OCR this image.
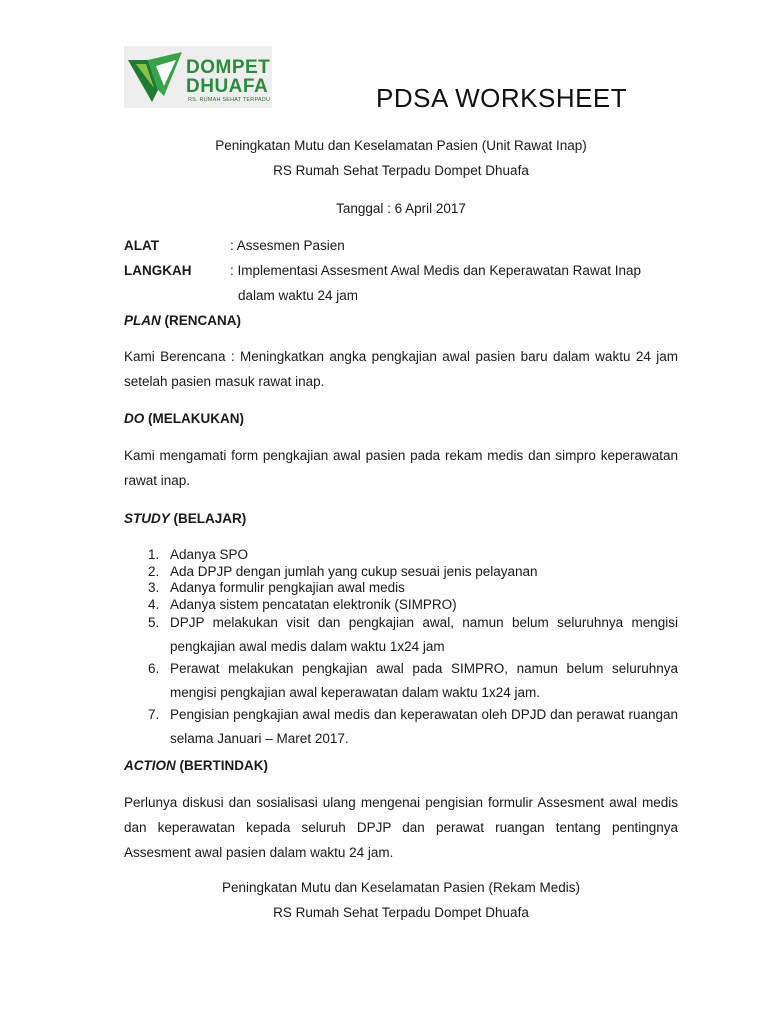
DOMPET
DHUAFA
RS. RUMAH SEHAT TERPADU	PDSA WORKSHEET
Peningkatan Mutu dan Keselamatan Pasien (Unit Rawat Inap)
RS Rumah Sehat Terpadu Dompet Dhuafa
Tanggal : 6 April 2017
ALAT	: Assesmen Pasien
LANGKAH	: Implementasi Assesment Awal Medis dan Keperawatan Rawat Inap
dalam waktu 24 jam
PLAN (RENCANA)
Kami Berencana : Meningkatkan angka pengkajian awal pasien baru dalam waktu 24 jam setelah pasien masuk rawat inap.
DO (MELAKUKAN)
Kami mengamati form pengkajian awal pasien pada rekam medis dan simpro keperawatan rawat inap.
STUDY (BELAJAR)
1. Adanya SPO
2. Ada DPJP dengan jumlah yang cukup sesuai jenis pelayanan
3. Adanya formulir pengkajian awal medis
4. Adanya sistem pencatatan elektronik (SIMPRO)
5. DPJP melakukan visit dan pengkajian awal, namun belum seluruhnya mengisi pengkajian awal medis dalam waktu 1x24 jam
6. Perawat melakukan pengkajian awal pada SIMPRO, namun belum seluruhnya mengisi pengkajian awal keperawatan dalam waktu 1x24 jam.
7. Pengisian pengkajian awal medis dan keperawatan oleh DPJD dan perawat ruangan selama Januari – Maret 2017.
ACTION (BERTINDAK)
Perlunya diskusi dan sosialisasi ulang mengenai pengisian formulir Assesment awal medis dan keperawatan kepada seluruh DPJP dan perawat ruangan tentang pentingnya Assesment awal pasien dalam waktu 24 jam.
Peningkatan Mutu dan Keselamatan Pasien (Rekam Medis)
RS Rumah Sehat Terpadu Dompet Dhuafa
